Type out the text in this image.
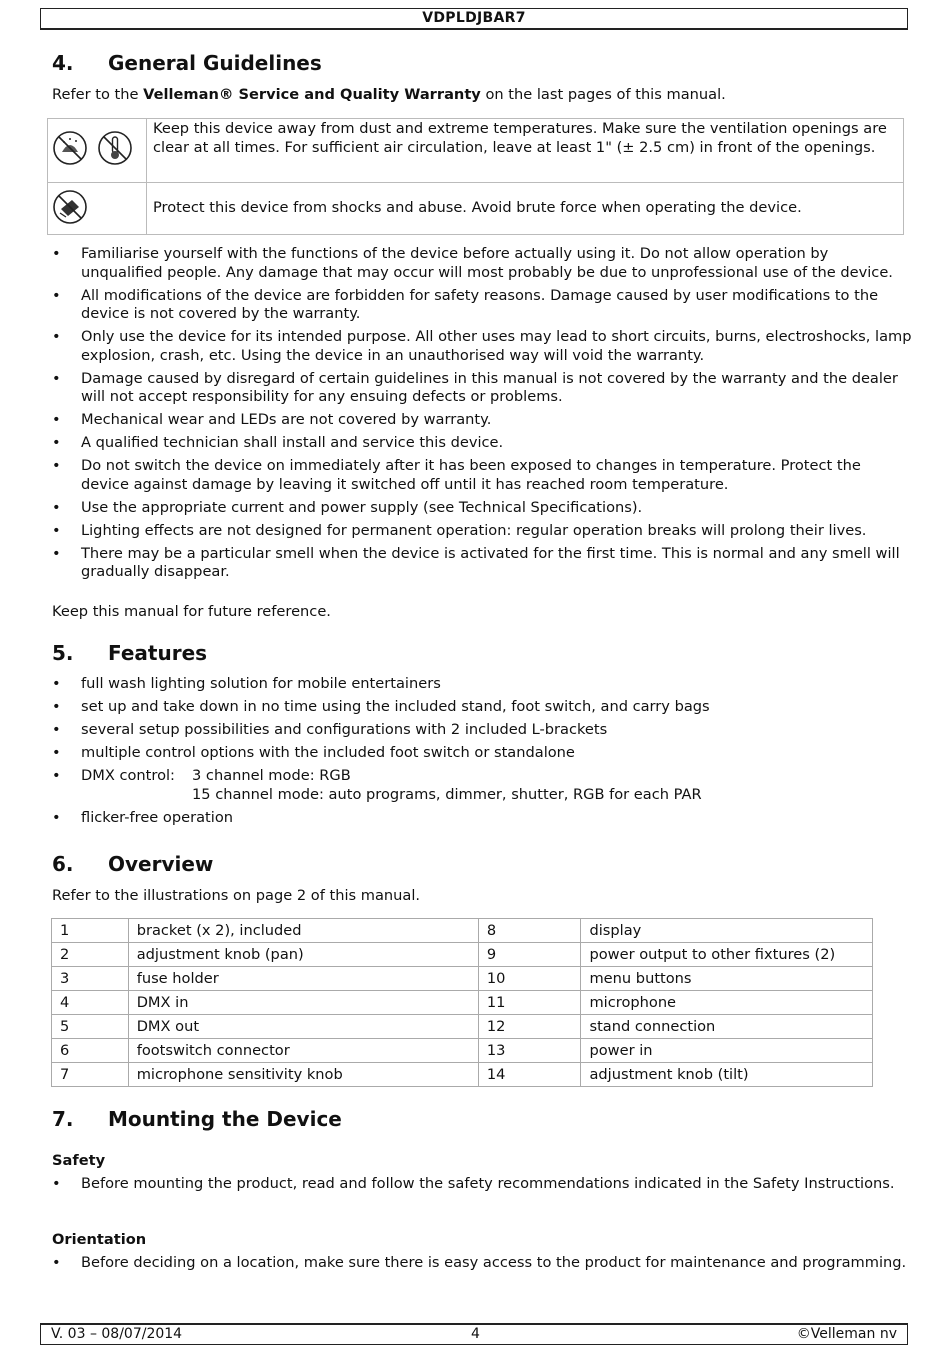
VDPLDJBAR7
4. General Guidelines
Refer to the Velleman® Service and Quality Warranty on the last pages of this manual.
	Keep this device away from dust and extreme temperatures. Make sure the ventilation openings are clear at all times. For sufficient air circulation, leave at least 1" (± 2.5 cm) in front of the openings.
	Protect this device from shocks and abuse. Avoid brute force when operating the device.
• Familiarise yourself with the functions of the device before actually using it. Do not allow operation by unqualified people. Any damage that may occur will most probably be due to unprofessional use of the device.
• All modifications of the device are forbidden for safety reasons. Damage caused by user modifications to the device is not covered by the warranty.
• Only use the device for its intended purpose. All other uses may lead to short circuits, burns, electroshocks, lamp explosion, crash, etc. Using the device in an unauthorised way will void the warranty.
• Damage caused by disregard of certain guidelines in this manual is not covered by the warranty and the dealer will not accept responsibility for any ensuing defects or problems.
• Mechanical wear and LEDs are not covered by warranty.
• A qualified technician shall install and service this device.
• Do not switch the device on immediately after it has been exposed to changes in temperature. Protect the device against damage by leaving it switched off until it has reached room temperature.
• Use the appropriate current and power supply (see Technical Specifications).
• Lighting effects are not designed for permanent operation: regular operation breaks will prolong their lives.
• There may be a particular smell when the device is activated for the first time. This is normal and any smell will gradually disappear.
Keep this manual for future reference.
5. Features
• full wash lighting solution for mobile entertainers
• set up and take down in no time using the included stand, foot switch, and carry bags
• several setup possibilities and configurations with 2 included L-brackets
• multiple control options with the included foot switch or standalone
• DMX control: 3 channel mode: RGB
15 channel mode: auto programs, dimmer, shutter, RGB for each PAR
• flicker-free operation
6. Overview
Refer to the illustrations on page 2 of this manual.
1	bracket (x 2), included	8	display
2	adjustment knob (pan)	9	power output to other fixtures (2)
3	fuse holder	10	menu buttons
4	DMX in	11	microphone
5	DMX out	12	stand connection
6	footswitch connector	13	power in
7	microphone sensitivity knob	14	adjustment knob (tilt)
7. Mounting the Device
Safety
• Before mounting the product, read and follow the safety recommendations indicated in the Safety Instructions.
Orientation
• Before deciding on a location, make sure there is easy access to the product for maintenance and programming.
V. 03 – 08/07/2014	4	©Velleman nv
